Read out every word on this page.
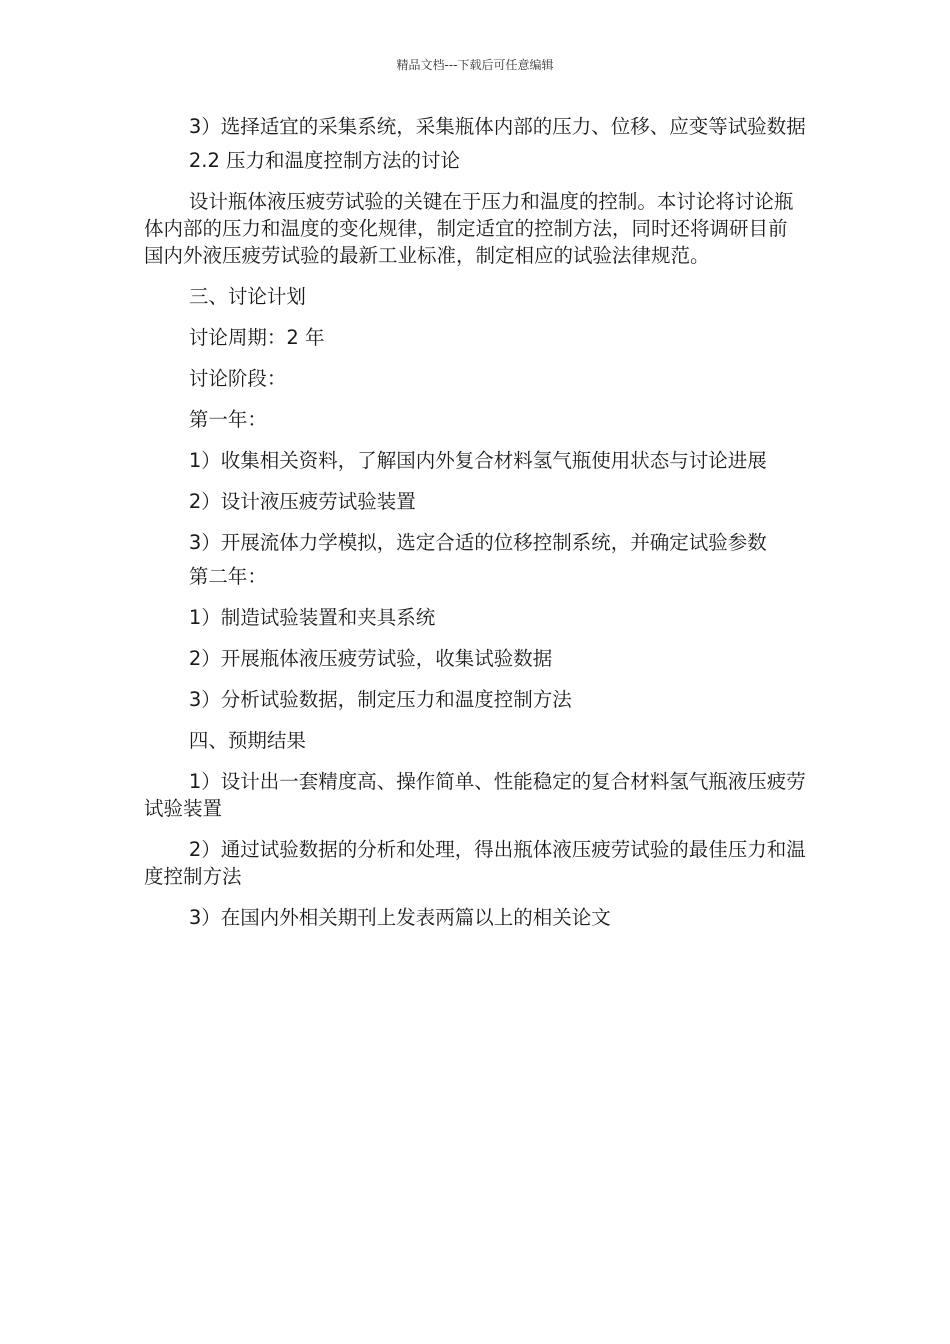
精品文档---下载后可任意编辑

3）选择适宜的采集系统，采集瓶体内部的压力、位移、应变等试验数据

2.2 压力和温度控制方法的讨论

设计瓶体液压疲劳试验的关键在于压力和温度的控制。本讨论将讨论瓶体内部的压力和温度的变化规律，制定适宜的控制方法，同时还将调研目前国内外液压疲劳试验的最新工业标准，制定相应的试验法律规范。

三、讨论计划

讨论周期：2 年

讨论阶段：

第一年：

1）收集相关资料，了解国内外复合材料氢气瓶使用状态与讨论进展

2）设计液压疲劳试验装置

3）开展流体力学模拟，选定合适的位移控制系统，并确定试验参数

第二年：

1）制造试验装置和夹具系统

2）开展瓶体液压疲劳试验，收集试验数据

3）分析试验数据，制定压力和温度控制方法

四、预期结果

1）设计出一套精度高、操作简单、性能稳定的复合材料氢气瓶液压疲劳试验装置

2）通过试验数据的分析和处理，得出瓶体液压疲劳试验的最佳压力和温度控制方法

3）在国内外相关期刊上发表两篇以上的相关论文
